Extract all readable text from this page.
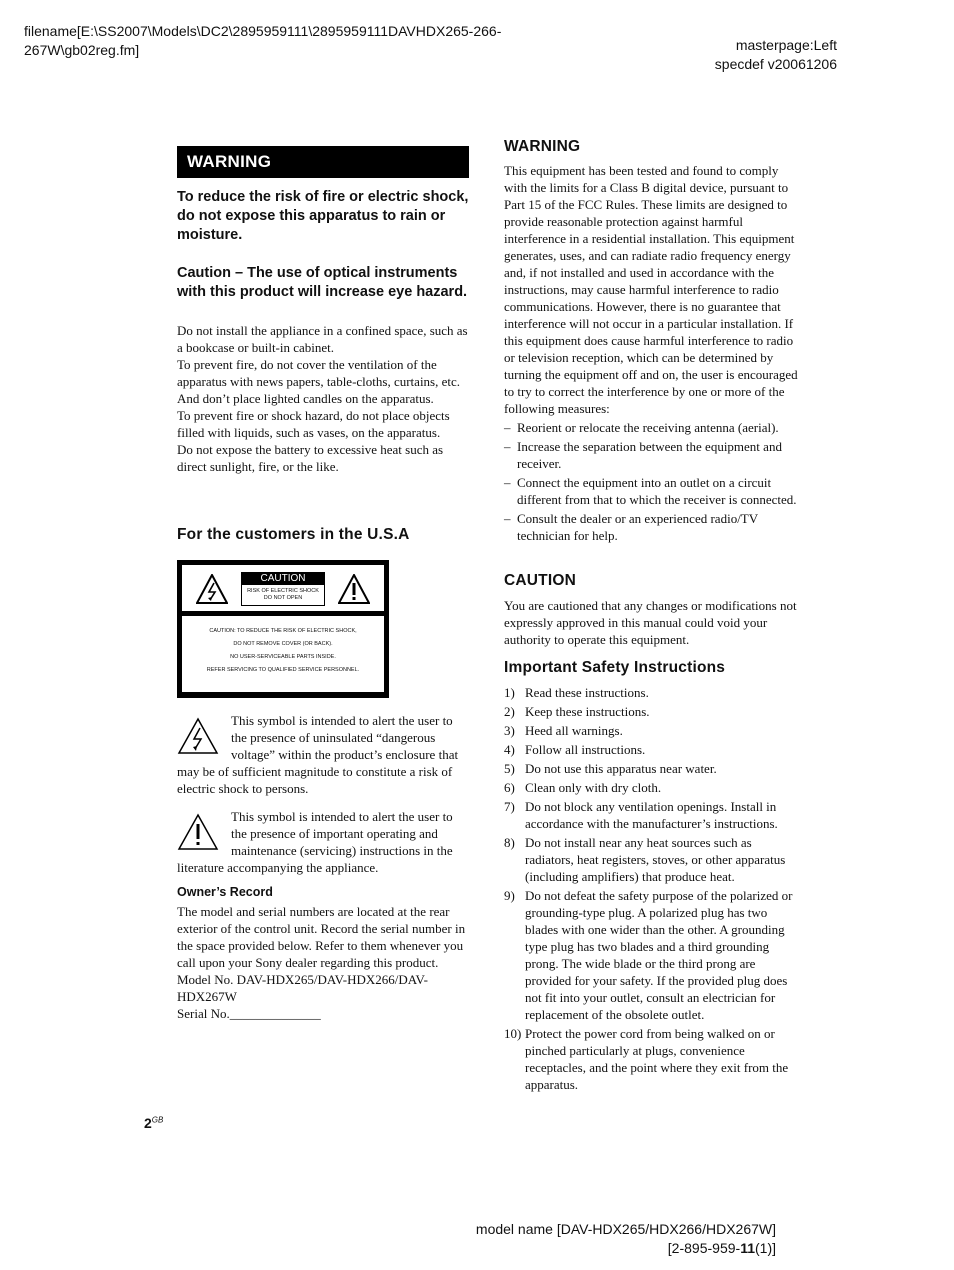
filename[E:\SS2007\Models\DC2\2895959111\2895959111DAVHDX265-266-
267W\gb02reg.fm]	masterpage:Left
specdef v20061206
WARNING
To reduce the risk of fire or electric shock, do not expose this apparatus to rain or moisture.
Caution – The use of optical instruments with this product will increase eye hazard.

Do not install the appliance in a confined space, such as a bookcase or built-in cabinet.

To prevent fire, do not cover the ventilation of the apparatus with news papers, table-cloths, curtains, etc. And don’t place lighted candles on the apparatus.

To prevent fire or shock hazard, do not place objects filled with liquids, such as vases, on the apparatus.

Do not expose the battery to excessive heat such as direct sunlight, fire, or the like.

For the customers in the U.S.A
CAUTION
RISK OF ELECTRIC SHOCK
DO NOT OPEN
CAUTION: TO REDUCE THE RISK OF ELECTRIC SHOCK,
DO NOT REMOVE COVER (OR BACK).
NO USER-SERVICEABLE PARTS INSIDE.
REFER SERVICING TO QUALIFIED SERVICE PERSONNEL.
This symbol is intended to alert the user to the presence of uninsulated “dangerous voltage” within the product’s enclosure that may be of sufficient magnitude to constitute a risk of electric shock to persons.
This symbol is intended to alert the user to the presence of important operating and maintenance (servicing) instructions in the literature accompanying the appliance.
Owner’s Record

The model and serial numbers are located at the rear exterior of the control unit. Record the serial number in the space provided below. Refer to them whenever you call upon your Sony dealer regarding this product.

Model No. DAV-HDX265/DAV-HDX266/DAV-HDX267W

Serial No.______________

WARNING
This equipment has been tested and found to comply with the limits for a Class B digital device, pursuant to Part 15 of the FCC Rules. These limits are designed to provide reasonable protection against harmful interference in a residential installation. This equipment generates, uses, and can radiate radio frequency energy and, if not installed and used in accordance with the instructions, may cause harmful interference to radio communications. However, there is no guarantee that interference will not occur in a particular installation. If this equipment does cause harmful interference to radio or television reception, which can be determined by turning the equipment off and on, the user is encouraged to try to correct the interference by one or more of the following measures:
– Reorient or relocate the receiving antenna (aerial).
– Increase the separation between the equipment and receiver.
– Connect the equipment into an outlet on a circuit different from that to which the receiver is connected.
– Consult the dealer or an experienced radio/TV technician for help.
CAUTION
You are cautioned that any changes or modifications not expressly approved in this manual could void your authority to operate this equipment.
Important Safety Instructions
1) Read these instructions.
2) Keep these instructions.
3) Heed all warnings.
4) Follow all instructions.
5) Do not use this apparatus near water.
6) Clean only with dry cloth.
7) Do not block any ventilation openings. Install in accordance with the manufacturer’s instructions.
8) Do not install near any heat sources such as radiators, heat registers, stoves, or other apparatus (including amplifiers) that produce heat.
9) Do not defeat the safety purpose of the polarized or grounding-type plug. A polarized plug has two blades with one wider than the other. A grounding type plug has two blades and a third grounding prong. The wide blade or the third prong are provided for your safety. If the provided plug does not fit into your outlet, consult an electrician for replacement of the obsolete outlet.
10) Protect the power cord from being walked on or pinched particularly at plugs, convenience receptacles, and the point where they exit from the apparatus.
$2^{GB}$
model name [DAV-HDX265/HDX266/HDX267W]
[2-895-959-11(1)]
